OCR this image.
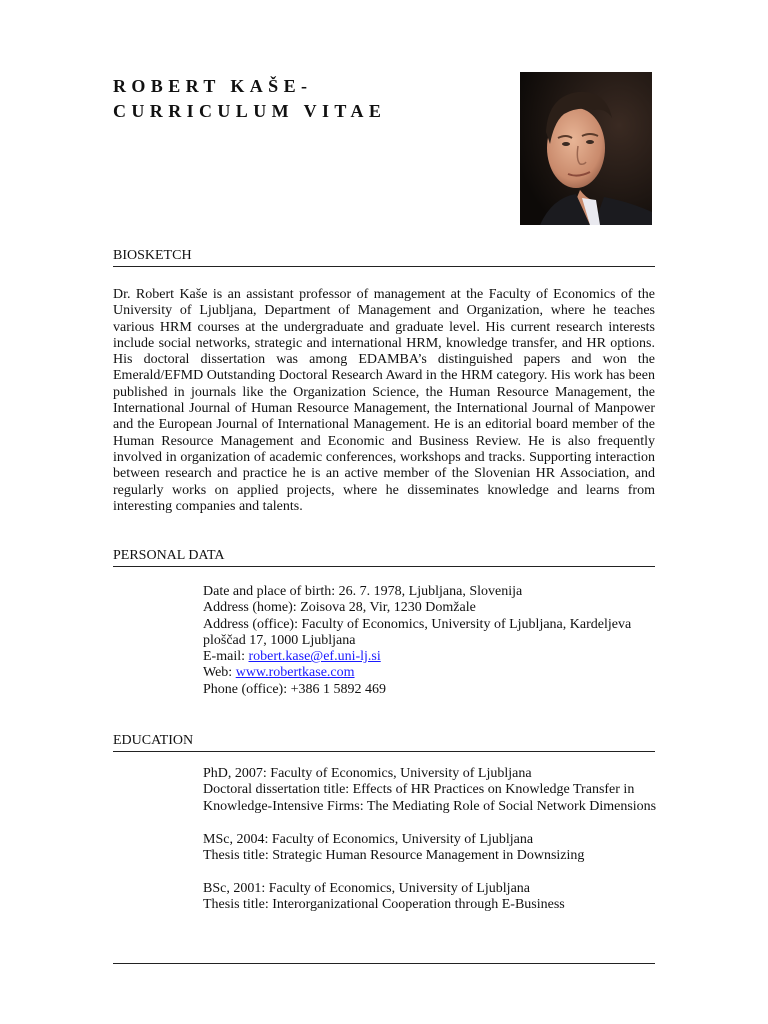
ROBERT KAŠE-
CURRICULUM VITAE
BIOSKETCH

Dr. Robert Kaše is an assistant professor of management at the Faculty of Economics of the University of Ljubljana, Department of Management and Organization, where he teaches various HRM courses at the undergraduate and graduate level. His current research interests include social networks, strategic and international HRM, knowledge transfer, and HR options. His doctoral dissertation was among EDAMBA’s distinguished papers and won the Emerald/EFMD Outstanding Doctoral Research Award in the HRM category. His work has been published in journals like the Organization Science, the Human Resource Management, the International Journal of Human Resource Management, the International Journal of Manpower and the European Journal of International Management. He is an editorial board member of the Human Resource Management and Economic and Business Review. He is also frequently involved in organization of academic conferences, workshops and tracks. Supporting interaction between research and practice he is an active member of the Slovenian HR Association, and regularly works on applied projects, where he disseminates knowledge and learns from interesting companies and talents.

PERSONAL DATA
Date and place of birth: 26. 7. 1978, Ljubljana, Slovenija
Address (home): Zoisova 28, Vir, 1230 Domžale
Address (office): Faculty of Economics, University of Ljubljana, Kardeljeva
ploščad 17, 1000 Ljubljana
E-mail: robert.kase@ef.uni-lj.si
Web: www.robertkase.com
Phone (office): +386 1 5892 469
EDUCATION
PhD, 2007: Faculty of Economics, University of Ljubljana
Doctoral dissertation title: Effects of HR Practices on Knowledge Transfer in
Knowledge-Intensive Firms: The Mediating Role of Social Network Dimensions
MSc, 2004: Faculty of Economics, University of Ljubljana
Thesis title: Strategic Human Resource Management in Downsizing
BSc, 2001: Faculty of Economics, University of Ljubljana
Thesis title: Interorganizational Cooperation through E-Business
